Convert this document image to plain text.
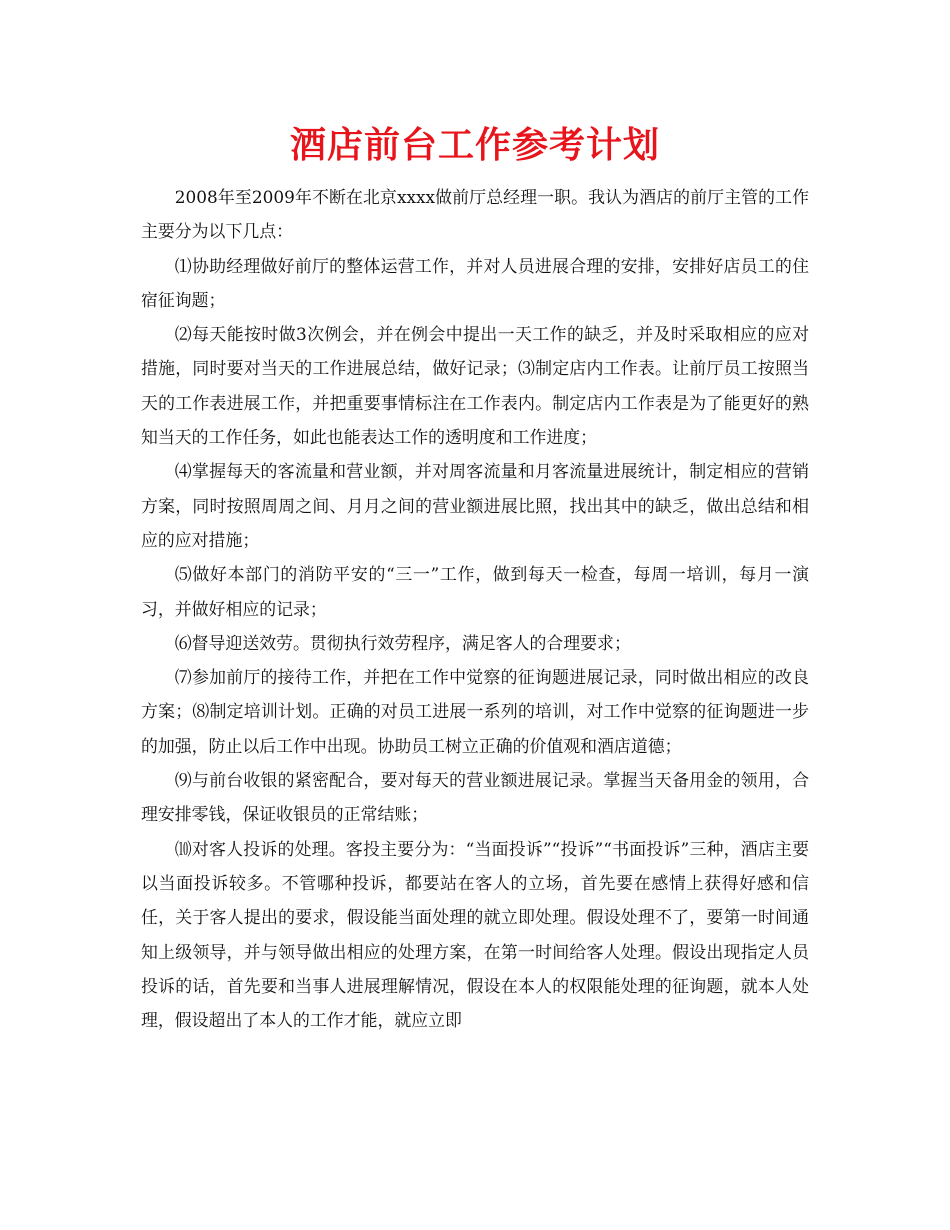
酒店前台工作参考计划

2008年至2009年不断在北京xxxx做前厅总经理一职。我认为酒店的前厅主管的工作主要分为以下几点：

⑴协助经理做好前厅的整体运营工作，并对人员进展合理的安排，安排好店员工的住宿征询题；

⑵每天能按时做3次例会，并在例会中提出一天工作的缺乏，并及时采取相应的应对措施，同时要对当天的工作进展总结，做好记录；⑶制定店内工作表。让前厅员工按照当天的工作表进展工作，并把重要事情标注在工作表内。制定店内工作表是为了能更好的熟知当天的工作任务，如此也能表达工作的透明度和工作进度；

⑷掌握每天的客流量和营业额，并对周客流量和月客流量进展统计，制定相应的营销方案，同时按照周周之间、月月之间的营业额进展比照，找出其中的缺乏，做出总结和相应的应对措施；

⑸做好本部门的消防平安的“三一”工作，做到每天一检查，每周一培训，每月一演习，并做好相应的记录；

⑹督导迎送效劳。贯彻执行效劳程序，满足客人的合理要求；

⑺参加前厅的接待工作，并把在工作中觉察的征询题进展记录，同时做出相应的改良方案；⑻制定培训计划。正确的对员工进展一系列的培训，对工作中觉察的征询题进一步的加强，防止以后工作中出现。协助员工树立正确的价值观和酒店道德；

⑼与前台收银的紧密配合，要对每天的营业额进展记录。掌握当天备用金的领用，合理安排零钱，保证收银员的正常结账；

⑽对客人投诉的处理。客投主要分为：“当面投诉”“投诉”“书面投诉”三种，酒店主要以当面投诉较多。不管哪种投诉，都要站在客人的立场，首先要在感情上获得好感和信任，关于客人提出的要求，假设能当面处理的就立即处理。假设处理不了，要第一时间通知上级领导，并与领导做出相应的处理方案，在第一时间给客人处理。假设出现指定人员投诉的话，首先要和当事人进展理解情况，假设在本人的权限能处理的征询题，就本人处理，假设超出了本人的工作才能，就应立即
